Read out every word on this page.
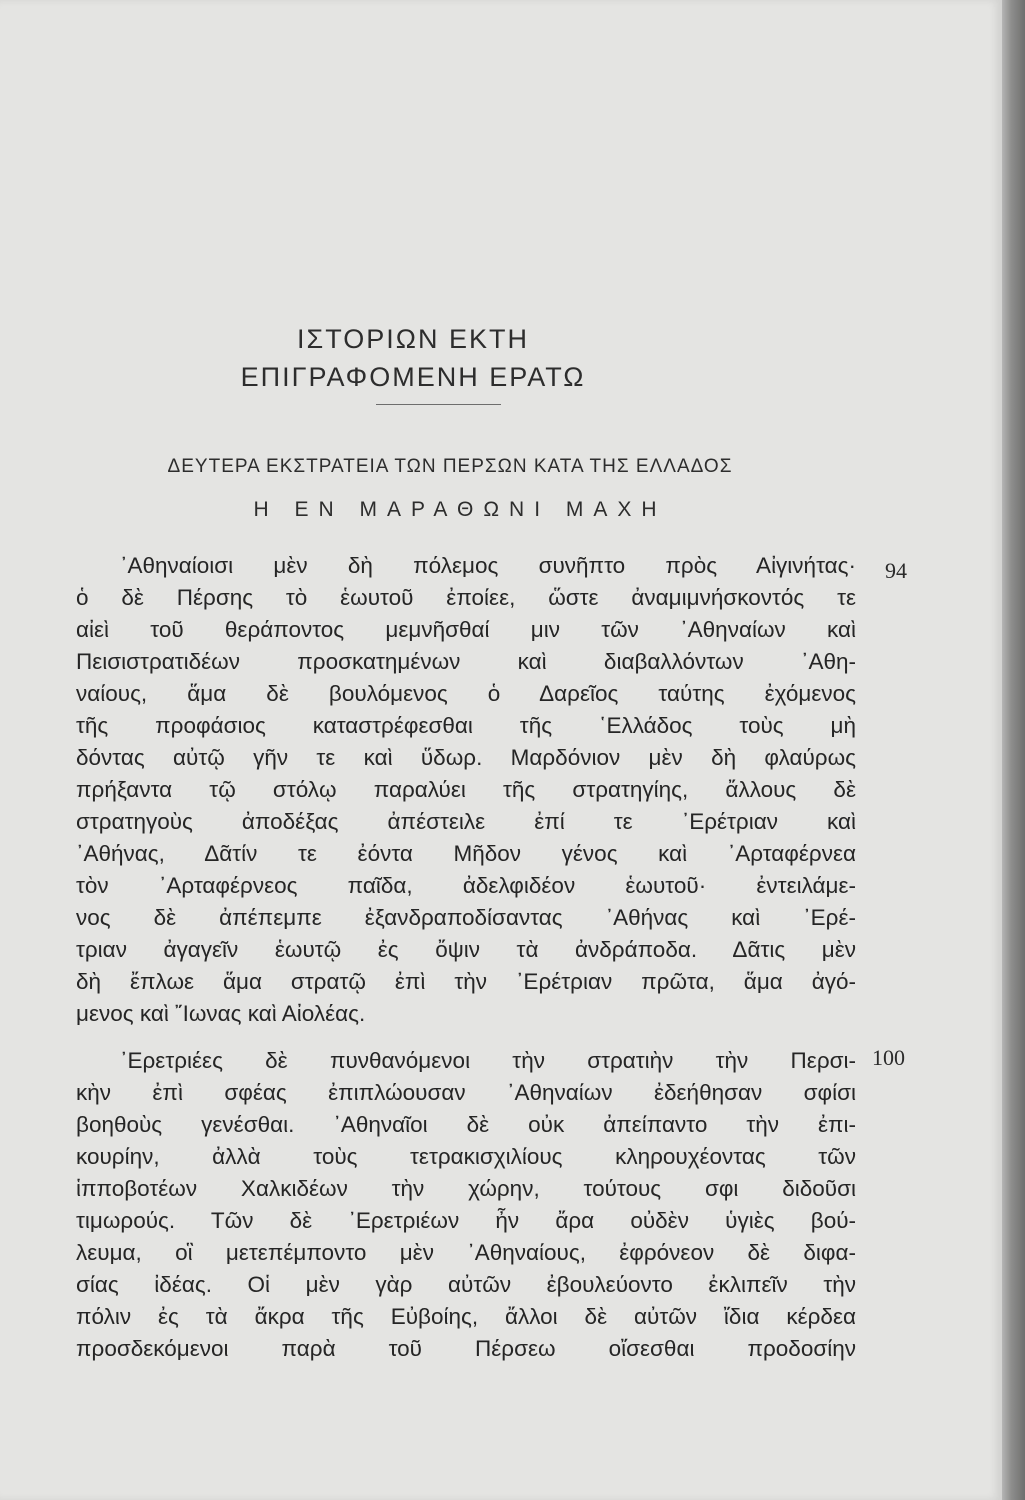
ΙΣΤΟΡΙΩΝ ΕΚΤΗ
ΕΠΙΓΡΑΦΟΜΕΝΗ ΕΡΑΤΩ

ΔΕΥΤΕΡΑ ΕΚΣΤΡΑΤΕΙΑ ΤΩΝ ΠΕΡΣΩΝ ΚΑΤΑ ΤΗΣ ΕΛΛΑΔΟΣ

Η ΕΝ ΜΑΡΑΘΩΝΙ ΜΑΧΗ

94
100
᾿Αθηναίοισι μὲν δὴ πόλεμος συνῆπτο πρὸς Αἰγινήτας·
ὁ δὲ Πέρσης τὸ ἑωυτοῦ ἐποίεε, ὥστε ἀναμιμνήσκοντός τε
αἰεὶ τοῦ θεράποντος μεμνῆσθαί μιν τῶν ᾿Αθηναίων καὶ
Πεισιστρατιδέων προσκατημένων καὶ διαβαλλόντων ᾿Αθη-
ναίους, ἅμα δὲ βουλόμενος ὁ Δαρεῖος ταύτης ἐχόμενος
τῆς προφάσιος καταστρέφεσθαι τῆς ῾Ελλάδος τοὺς μὴ
δόντας αὐτῷ γῆν τε καὶ ὕδωρ. Μαρδόνιον μὲν δὴ φλαύρως
πρήξαντα τῷ στόλῳ παραλύει τῆς στρατηγίης, ἄλλους δὲ
στρατηγοὺς ἀποδέξας ἀπέστειλε ἐπί τε ᾿Ερέτριαν καὶ
᾿Αθήνας, Δᾶτίν τε ἐόντα Μῆδον γένος καὶ ᾿Αρταφέρνεα
τὸν ᾿Αρταφέρνεος παῖδα, ἀδελφιδέον ἑωυτοῦ· ἐντειλάμε-
νος δὲ ἀπέπεμπε ἐξανδραποδίσαντας ᾿Αθήνας καὶ ᾿Ερέ-
τριαν ἀγαγεῖν ἑωυτῷ ἐς ὄψιν τὰ ἀνδράποδα. Δᾶτις μὲν
δὴ ἔπλωε ἅμα στρατῷ ἐπὶ τὴν ᾿Ερέτριαν πρῶτα, ἅμα ἀγό-
μενος καὶ ῎Ιωνας καὶ Αἰολέας.
᾿Ερετριέες δὲ πυνθανόμενοι τὴν στρατιὴν τὴν Περσι-
κὴν ἐπὶ σφέας ἐπιπλώουσαν ᾿Αθηναίων ἐδεήθησαν σφίσι
βοηθοὺς γενέσθαι. ᾿Αθηναῖοι δὲ οὐκ ἀπείπαντο τὴν ἐπι-
κουρίην, ἀλλὰ τοὺς τετρακισχιλίους κληρουχέοντας τῶν
ἱπποβοτέων Χαλκιδέων τὴν χώρην, τούτους σφι διδοῦσι
τιμωρούς. Τῶν δὲ ᾿Ερετριέων ἦν ἄρα οὐδὲν ὑγιὲς βού-
λευμα, οἳ μετεπέμποντο μὲν ᾿Αθηναίους, ἐφρόνεον δὲ διφα-
σίας ἰδέας. Οἱ μὲν γὰρ αὐτῶν ἐβουλεύοντο ἐκλιπεῖν τὴν
πόλιν ἐς τὰ ἄκρα τῆς Εὐβοίης, ἄλλοι δὲ αὐτῶν ἴδια κέρδεα
προσδεκόμενοι παρὰ τοῦ Πέρσεω οἴσεσθαι προδοσίην
